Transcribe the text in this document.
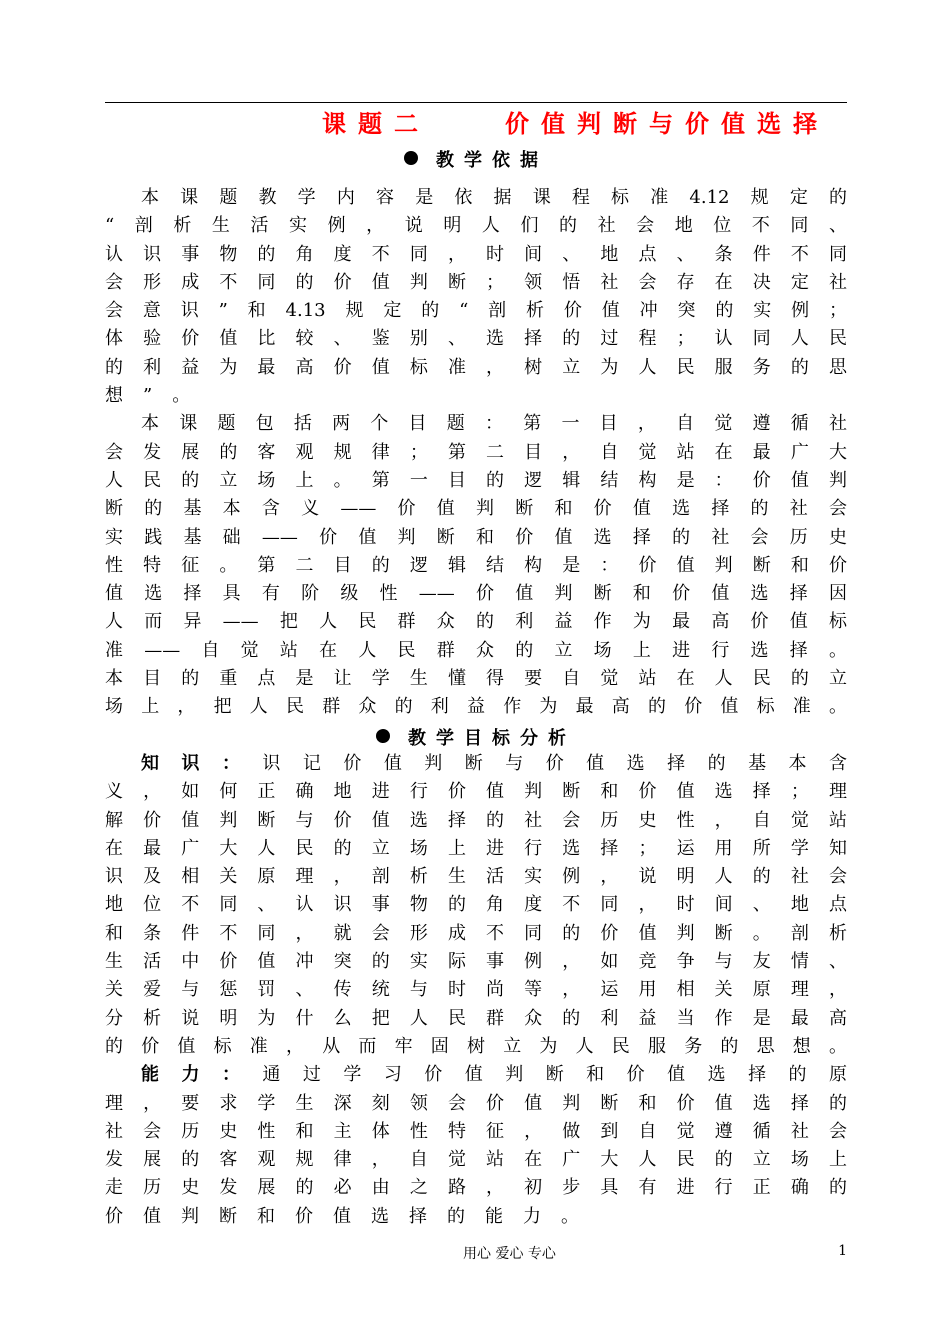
课题二	价值判断与价值选择
教学依据
本课题教学内容是依据课程标准4.12规定的
“剖析生活实例，说明人们的社会地位不同、
认识事物的角度不同，时间、地点、条件不同
会形成不同的价值判断；领悟社会存在决定社
会意识”和4.13规定的“剖析价值冲突的实例；
体验价值比较、鉴别、选择的过程；认同人民
的利益为最高价值标准，树立为人民服务的思
想”。
本课题包括两个目题：第一目，自觉遵循社
会发展的客观规律；第二目，自觉站在最广大
人民的立场上。第一目的逻辑结构是：价值判
断的基本含义——价值判断和价值选择的社会
实践基础——价值判断和价值选择的社会历史
性特征。第二目的逻辑结构是：价值判断和价
值选择具有阶级性——价值判断和价值选择因
人而异——把人民群众的利益作为最高价值标
准——自觉站在人民群众的立场上进行选择。
本目的重点是让学生懂得要自觉站在人民的立
场上，把人民群众的利益作为最高的价值标准。
教学目标分析
知识：识记价值判断与价值选择的基本含
义，如何正确地进行价值判断和价值选择；理
解价值判断与价值选择的社会历史性，自觉站
在最广大人民的立场上进行选择；运用所学知
识及相关原理，剖析生活实例，说明人的社会
地位不同、认识事物的角度不同，时间、地点
和条件不同，就会形成不同的价值判断。剖析
生活中价值冲突的实际事例，如竞争与友情、
关爱与惩罚、传统与时尚等，运用相关原理，
分析说明为什么把人民群众的利益当作是最高
的价值标准，从而牢固树立为人民服务的思想。
能力：通过学习价值判断和价值选择的原
理，要求学生深刻领会价值判断和价值选择的
社会历史性和主体性特征，做到自觉遵循社会
发展的客观规律，自觉站在广大人民的立场上
走历史发展的必由之路，初步具有进行正确的
价值判断和价值选择的能力。
用心 爱心 专心	1
